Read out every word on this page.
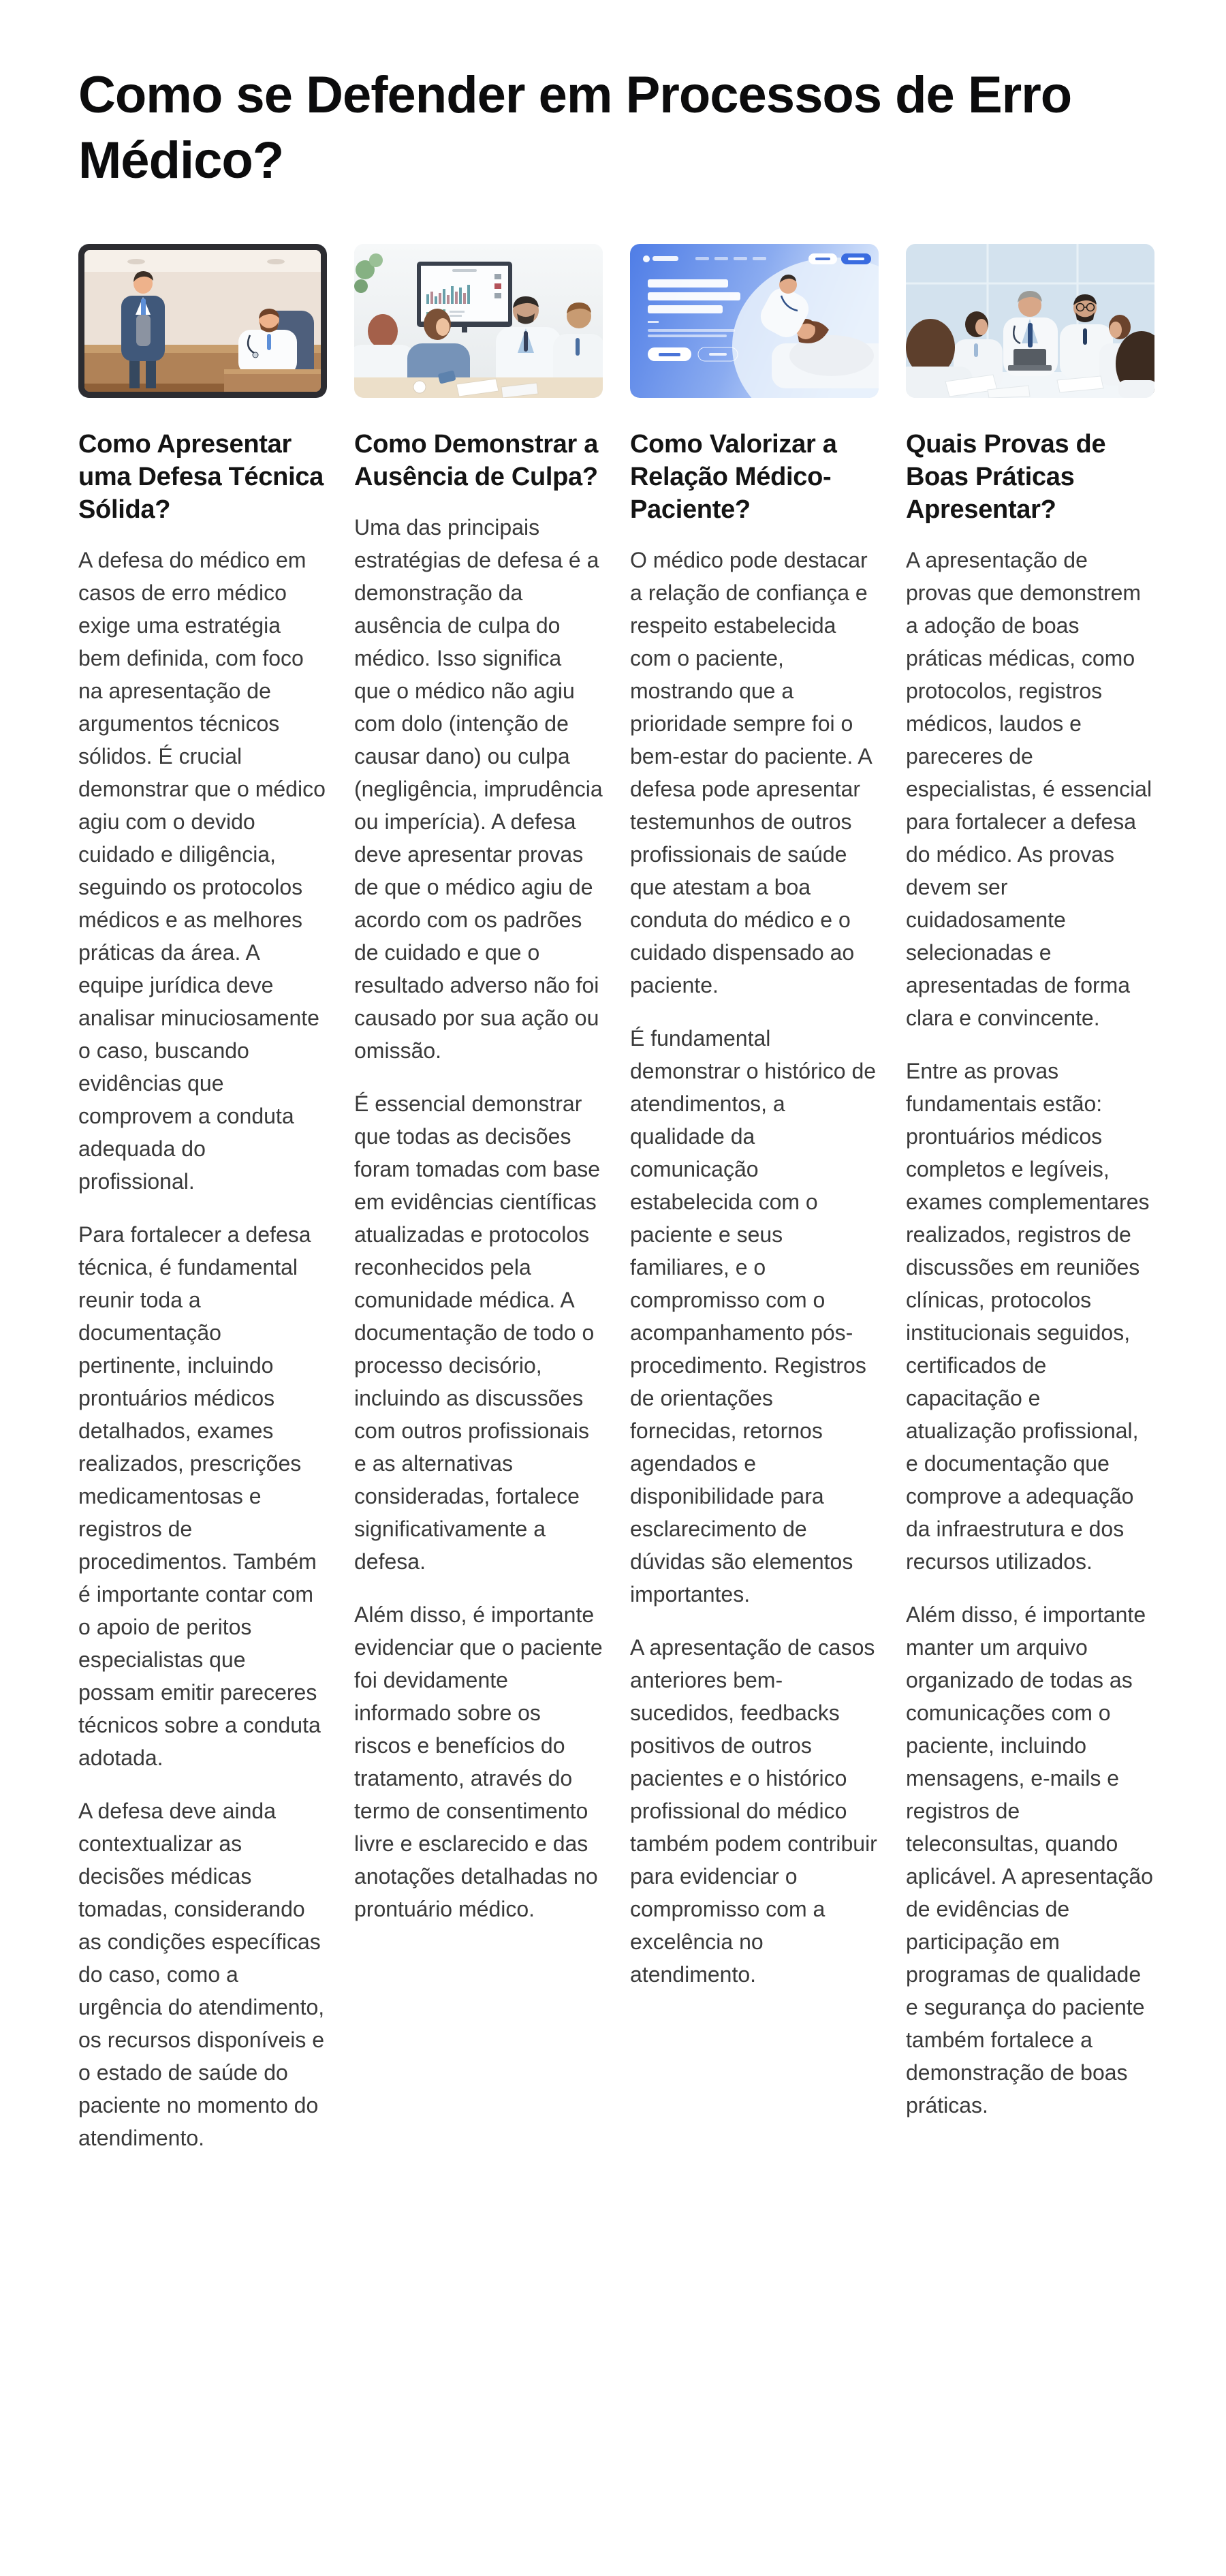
Como se Defender em Processos de Erro Médico?
Como Apresentar uma Defesa Técnica Sólida?

A defesa do médico em casos de erro médico exige uma estratégia bem definida, com foco na apresentação de argumentos técnicos sólidos. É crucial demonstrar que o médico agiu com o devido cuidado e diligência, seguindo os protocolos médicos e as melhores práticas da área. A equipe jurídica deve analisar minuciosamente o caso, buscando evidências que comprovem a conduta adequada do profissional.

Para fortalecer a defesa técnica, é fundamental reunir toda a documentação pertinente, incluindo prontuários médicos detalhados, exames realizados, prescrições medicamentosas e registros de procedimentos. Também é importante contar com o apoio de peritos especialistas que possam emitir pareceres técnicos sobre a conduta adotada.

A defesa deve ainda contextualizar as decisões médicas tomadas, considerando as condições específicas do caso, como a urgência do atendimento, os recursos disponíveis e o estado de saúde do paciente no momento do atendimento.

Como Demonstrar a Ausência de Culpa?

Uma das principais estratégias de defesa é a demonstração da ausência de culpa do médico. Isso significa que o médico não agiu com dolo (intenção de causar dano) ou culpa (negligência, imprudência ou imperícia). A defesa deve apresentar provas de que o médico agiu de acordo com os padrões de cuidado e que o resultado adverso não foi causado por sua ação ou omissão.

É essencial demonstrar que todas as decisões foram tomadas com base em evidências científicas atualizadas e protocolos reconhecidos pela comunidade médica. A documentação de todo o processo decisório, incluindo as discussões com outros profissionais e as alternativas consideradas, fortalece significativamente a defesa.

Além disso, é importante evidenciar que o paciente foi devidamente informado sobre os riscos e benefícios do tratamento, através do termo de consentimento livre e esclarecido e das anotações detalhadas no prontuário médico.

Como Valorizar a Relação Médico-Paciente?

O médico pode destacar a relação de confiança e respeito estabelecida com o paciente, mostrando que a prioridade sempre foi o bem-estar do paciente. A defesa pode apresentar testemunhos de outros profissionais de saúde que atestam a boa conduta do médico e o cuidado dispensado ao paciente.

É fundamental demonstrar o histórico de atendimentos, a qualidade da comunicação estabelecida com o paciente e seus familiares, e o compromisso com o acompanhamento pós-procedimento. Registros de orientações fornecidas, retornos agendados e disponibilidade para esclarecimento de dúvidas são elementos importantes.

A apresentação de casos anteriores bem-sucedidos, feedbacks positivos de outros pacientes e o histórico profissional do médico também podem contribuir para evidenciar o compromisso com a excelência no atendimento.

Quais Provas de Boas Práticas Apresentar?

A apresentação de provas que demonstrem a adoção de boas práticas médicas, como protocolos, registros médicos, laudos e pareceres de especialistas, é essencial para fortalecer a defesa do médico. As provas devem ser cuidadosamente selecionadas e apresentadas de forma clara e convincente.

Entre as provas fundamentais estão: prontuários médicos completos e legíveis, exames complementares realizados, registros de discussões em reuniões clínicas, protocolos institucionais seguidos, certificados de capacitação e atualização profissional, e documentação que comprove a adequação da infraestrutura e dos recursos utilizados.

Além disso, é importante manter um arquivo organizado de todas as comunicações com o paciente, incluindo mensagens, e-mails e registros de teleconsultas, quando aplicável. A apresentação de evidências de participação em programas de qualidade e segurança do paciente também fortalece a demonstração de boas práticas.
